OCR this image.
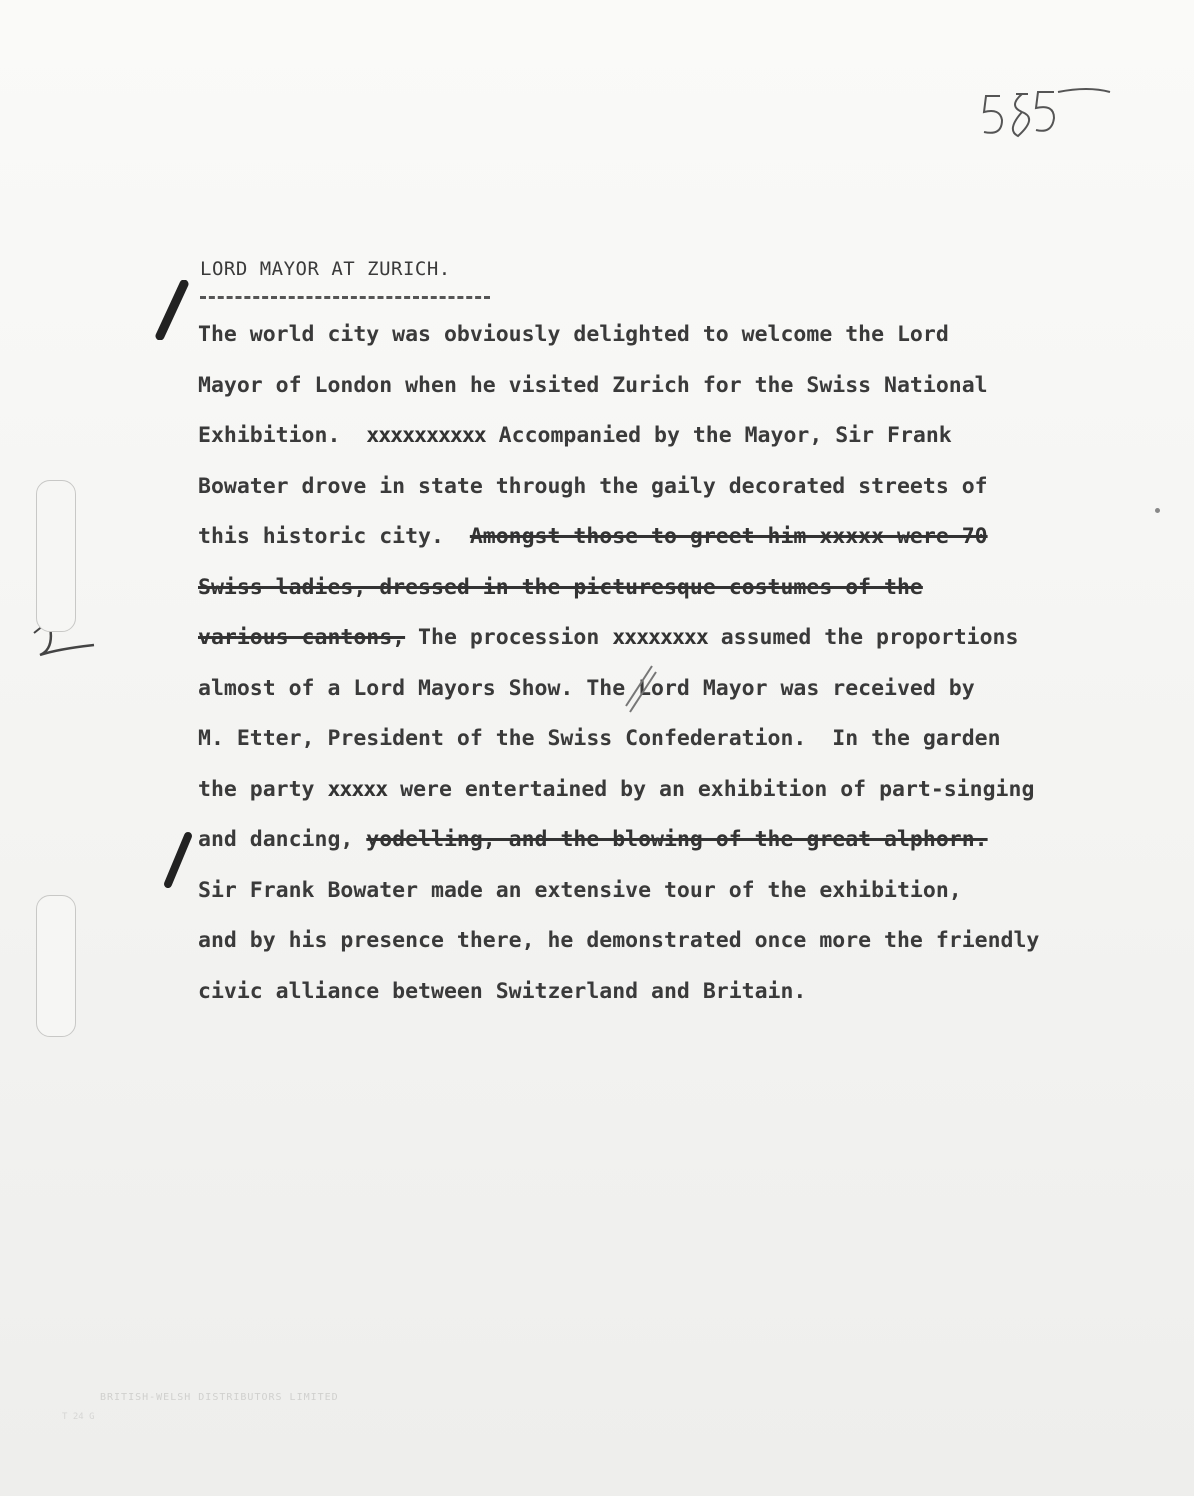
LORD MAYOR AT ZURICH.
The world city was obviously delighted to welcome the Lord
Mayor of London when he visited Zurich for the Swiss National
Exhibition.  xxxxxxxxxx Accompanied by the Mayor, Sir Frank
Bowater drove in state through the gaily decorated streets of
this historic city.  Amongst those to greet him xxxxx were 70
Swiss ladies, dressed in the picturesque costumes of the
various cantons, The procession xxxxxxxx assumed the proportions
almost of a Lord Mayors Show. The Lord Mayor was received by
M. Etter, President of the Swiss Confederation.  In the garden
the party xxxxx were entertained by an exhibition of part-singing
and dancing, yodelling, and the blowing of the great alphorn.
Sir Frank Bowater made an extensive tour of the exhibition,
and by his presence there, he demonstrated once more the friendly
civic alliance between Switzerland and Britain.
BRITISH-WELSH DISTRIBUTORS LIMITED
T 24 G
